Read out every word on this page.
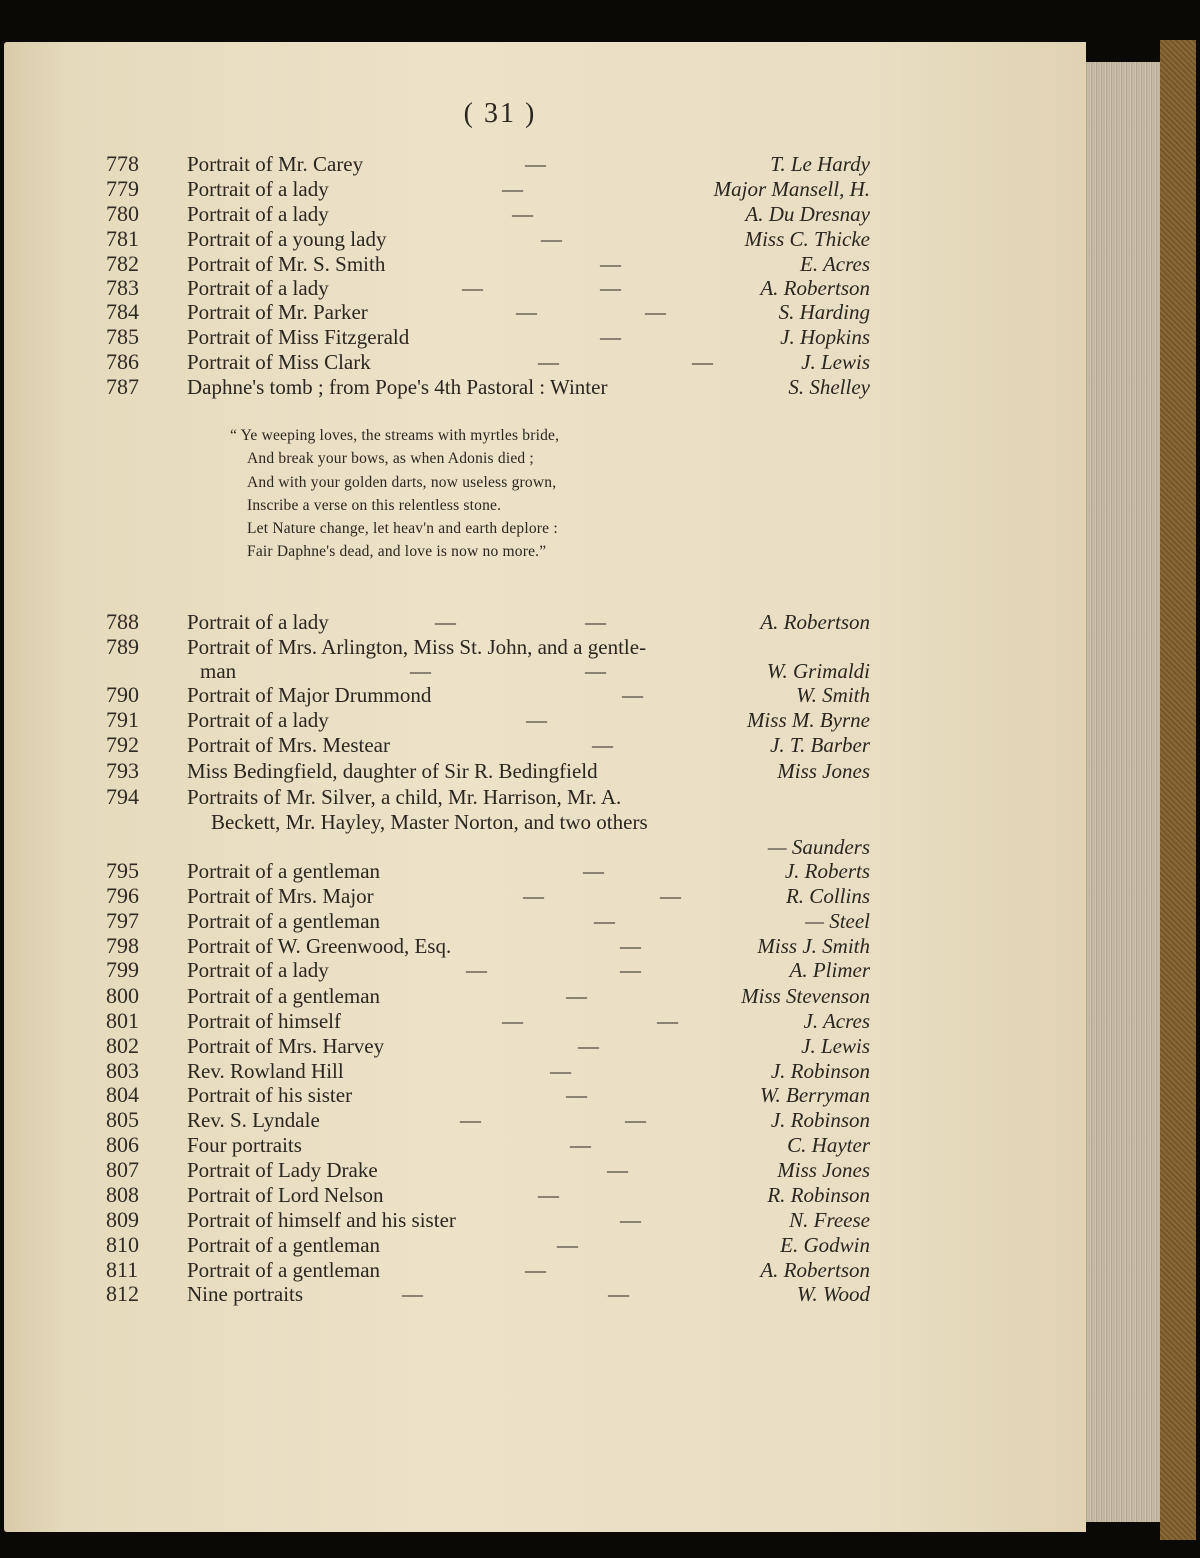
( 31 )
778 Portrait of Mr. Carey	—	T. Le Hardy
779 Portrait of a lady	—	Major Mansell, H.
780 Portrait of a lady	—	A. Du Dresnay
781 Portrait of a young lady	—	Miss C. Thicke
782 Portrait of Mr. S. Smith	—	E. Acres
783 Portrait of a lady	—	—	A. Robertson
784 Portrait of Mr. Parker	—	—	S. Harding
785 Portrait of Miss Fitzgerald	—	J. Hopkins
786 Portrait of Miss Clark	—	—	J. Lewis
787 Daphne's tomb ; from Pope's 4th Pastoral : Winter	S. Shelley
“ Ye weeping loves, the streams with myrtles bride,
And break your bows, as when Adonis died ;
And with your golden darts, now useless grown,
Inscribe a verse on this relentless stone.
Let Nature change, let heav'n and earth deplore :
Fair Daphne's dead, and love is now no more.”
788 Portrait of a lady	—	—	A. Robertson
789 Portrait of Mrs. Arlington, Miss St. John, and a gentle-
man	—	—	W. Grimaldi
790 Portrait of Major Drummond	—	W. Smith
791 Portrait of a lady	—	Miss M. Byrne
792 Portrait of Mrs. Mestear	—	J. T. Barber
793 Miss Bedingfield, daughter of Sir R. Bedingfield	Miss Jones
794 Portraits of Mr. Silver, a child, Mr. Harrison, Mr. A.
Beckett, Mr. Hayley, Master Norton, and two others
— Saunders
795 Portrait of a gentleman	—	J. Roberts
796 Portrait of Mrs. Major	—	—	R. Collins
797 Portrait of a gentleman	—	— Steel
798 Portrait of W. Greenwood, Esq.	—	Miss J. Smith
799 Portrait of a lady	—	—	A. Plimer
800 Portrait of a gentleman	—	Miss Stevenson
801 Portrait of himself	—	—	J. Acres
802 Portrait of Mrs. Harvey	—	J. Lewis
803 Rev. Rowland Hill	—	J. Robinson
804 Portrait of his sister	—	W. Berryman
805 Rev. S. Lyndale	—	—	J. Robinson
806 Four portraits	—	C. Hayter
807 Portrait of Lady Drake	—	Miss Jones
808 Portrait of Lord Nelson	—	R. Robinson
809 Portrait of himself and his sister	—	N. Freese
810 Portrait of a gentleman	—	E. Godwin
811 Portrait of a gentleman	—	A. Robertson
812 Nine portraits	—	—	W. Wood
